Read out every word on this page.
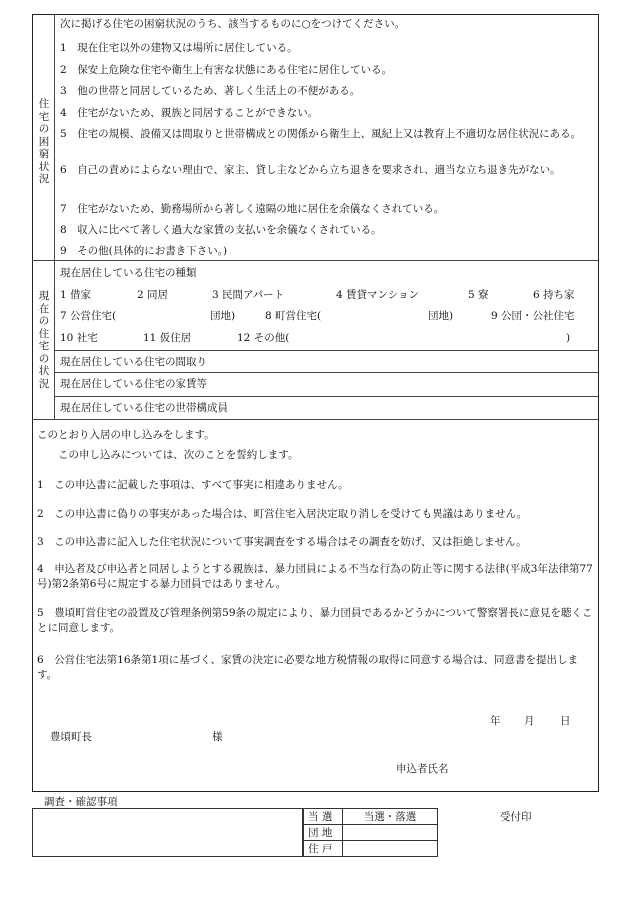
住宅の困窮状況
次に掲げる住宅の困窮状況のうち、該当するものに○をつけてください。
1　 現在住宅以外の建物又は場所に居住している。
2　 保安上危険な住宅や衛生上有害な状態にある住宅に居住している。
3　 他の世帯と同居しているため、著しく生活上の不便がある。
4　 住宅がないため、親族と同居することができない。
5　 住宅の規模、設備又は間取りと世帯構成との関係から衛生上、風紀上又は教育上不適切な居住状況にある。
6　 自己の責めによらない理由で、家主、貸し主などから立ち退きを要求され、適当な立ち退き先がない。
7　 住宅がないため、勤務場所から著しく遠隔の地に居住を余儀なくされている。
8　 収入に比べて著しく過大な家賃の支払いを余儀なくされている。
9　 その他(具体的にお書き下さい。)
現在の住宅の状況
現在居住している住宅の種類
1 借家	2 同居	3 民間アパート	4 賃貸マンション	5 寮	6 持ち家
7 公営住宅(	団地)	8 町営住宅(	団地)	9 公団・公社住宅
10 社宅	11 仮住居	12 その他(	)
現在居住している住宅の間取り
現在居住している住宅の家賃等
現在居住している住宅の世帯構成員
このとおり入居の申し込みをします。
この申し込みについては、次のことを誓約します。
1　 この申込書に記載した事項は、すべて事実に相違ありません。
2　 この申込書に偽りの事実があった場合は、町営住宅入居決定取り消しを受けても異議はありません。
3　 この申込書に記入した住宅状況について事実調査をする場合はその調査を妨げ、又は拒絶しません。
4　 申込者及び申込者と同居しようとする親族は、暴力団員による不当な行為の防止等に関する法律(平成3年法律第77号)第2条第6号に規定する暴力団員ではありません。
5　 豊頃町営住宅の設置及び管理条例第59条の規定により、暴力団員であるかどうかについて警察署長に意見を聴くことに同意します。
6　 公営住宅法第16条第1項に基づく、家賃の決定に必要な地方税情報の取得に同意する場合は、同意書を提出します。
年 月 日
豊頃町長	様
申込者氏名
調査・確認事項
当 選	当選・落選
団 地	
住 戸	
受付印
